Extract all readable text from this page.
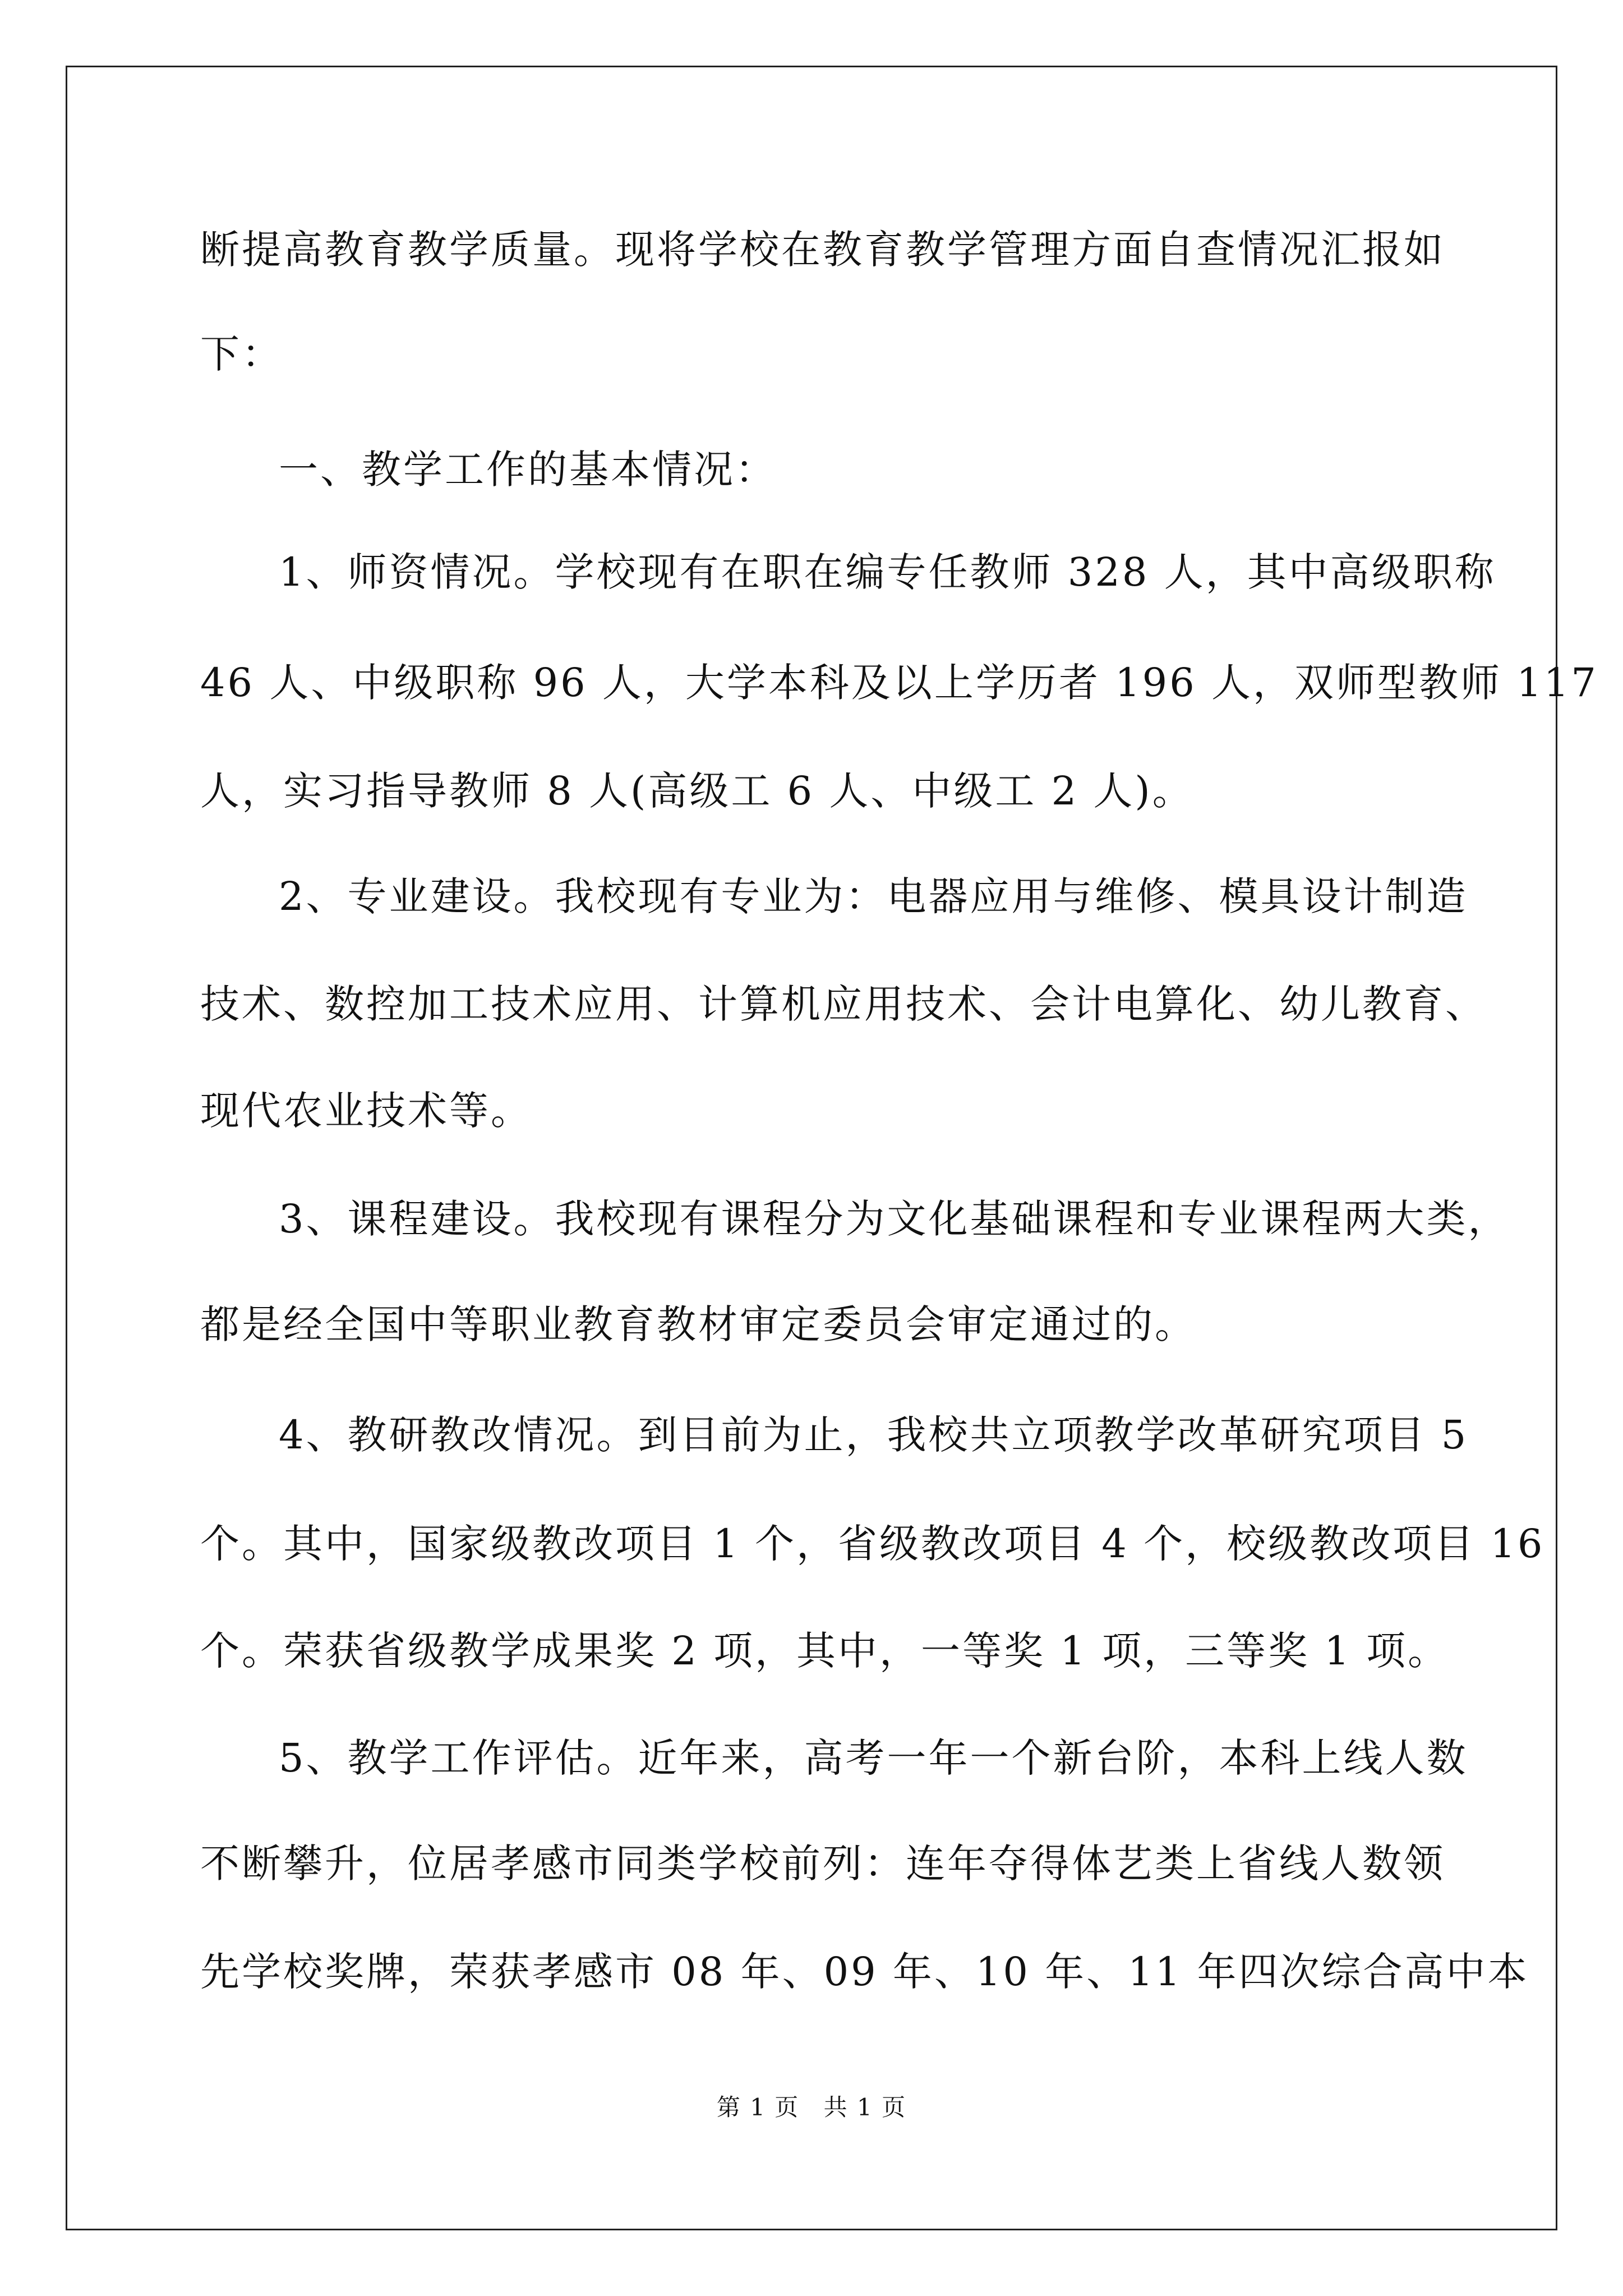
断提高教育教学质量。现将学校在教育教学管理方面自查情况汇报如
下：
一、教学工作的基本情况：
1、师资情况。学校现有在职在编专任教师 328 人，其中高级职称
46 人、中级职称 96 人，大学本科及以上学历者 196 人，双师型教师 117
人，实习指导教师 8 人(高级工 6 人、中级工 2 人)。
2、专业建设。我校现有专业为：电器应用与维修、模具设计制造
技术、数控加工技术应用、计算机应用技术、会计电算化、幼儿教育、
现代农业技术等。
3、课程建设。我校现有课程分为文化基础课程和专业课程两大类，
都是经全国中等职业教育教材审定委员会审定通过的。
4、教研教改情况。到目前为止，我校共立项教学改革研究项目 5
个。其中，国家级教改项目 1 个，省级教改项目 4 个，校级教改项目 16
个。荣获省级教学成果奖 2 项，其中，一等奖 1 项，三等奖 1 项。
5、教学工作评估。近年来，高考一年一个新台阶，本科上线人数
不断攀升，位居孝感市同类学校前列：连年夺得体艺类上省线人数领
先学校奖牌，荣获孝感市 08 年、09 年、10 年、11 年四次综合高中本
第 1 页 共 1 页
